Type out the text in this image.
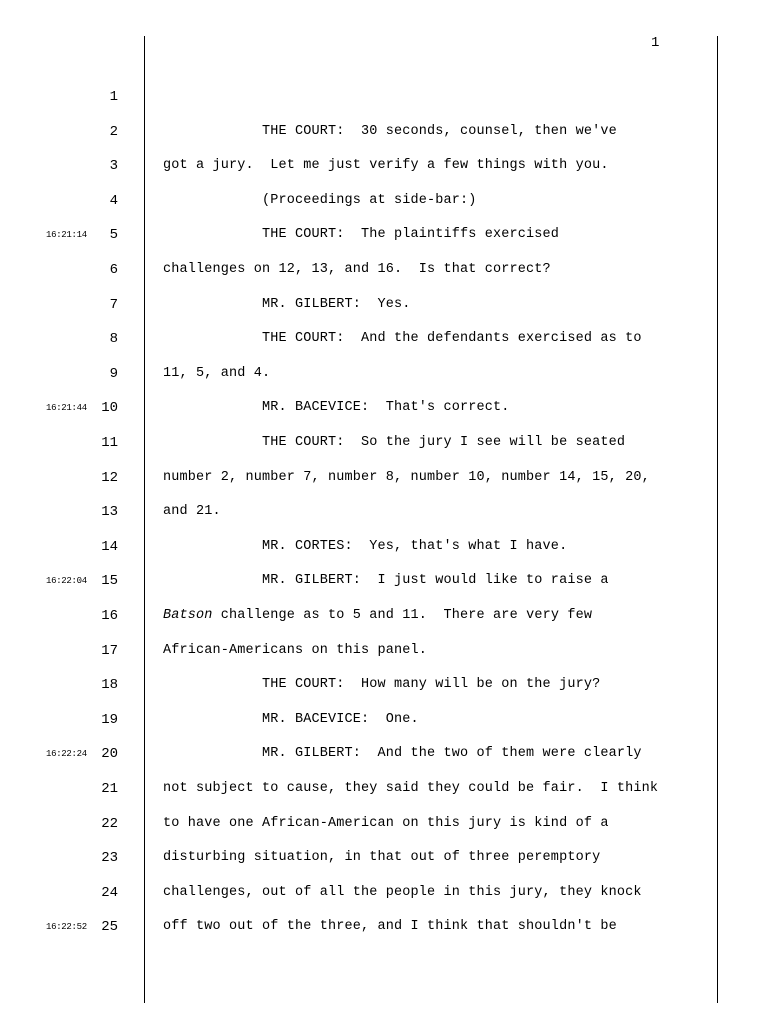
1
1
2	THE COURT:  30 seconds, counsel, then we've
3	got a jury.  Let me just verify a few things with you.
4	(Proceedings at side-bar:)
16:21:14	5	THE COURT:  The plaintiffs exercised
6	challenges on 12, 13, and 16.  Is that correct?
7	MR. GILBERT:  Yes.
8	THE COURT:  And the defendants exercised as to
9	11, 5, and 4.
16:21:44	10	MR. BACEVICE:  That's correct.
11	THE COURT:  So the jury I see will be seated
12	number 2, number 7, number 8, number 10, number 14, 15, 20,
13	and 21.
14	MR. CORTES:  Yes, that's what I have.
16:22:04	15	MR. GILBERT:  I just would like to raise a
16	Batson challenge as to 5 and 11.  There are very few
17	African-Americans on this panel.
18	THE COURT:  How many will be on the jury?
19	MR. BACEVICE:  One.
16:22:24	20	MR. GILBERT:  And the two of them were clearly
21	not subject to cause, they said they could be fair.  I think
22	to have one African-American on this jury is kind of a
23	disturbing situation, in that out of three peremptory
24	challenges, out of all the people in this jury, they knock
16:22:52	25	off two out of the three, and I think that shouldn't be
